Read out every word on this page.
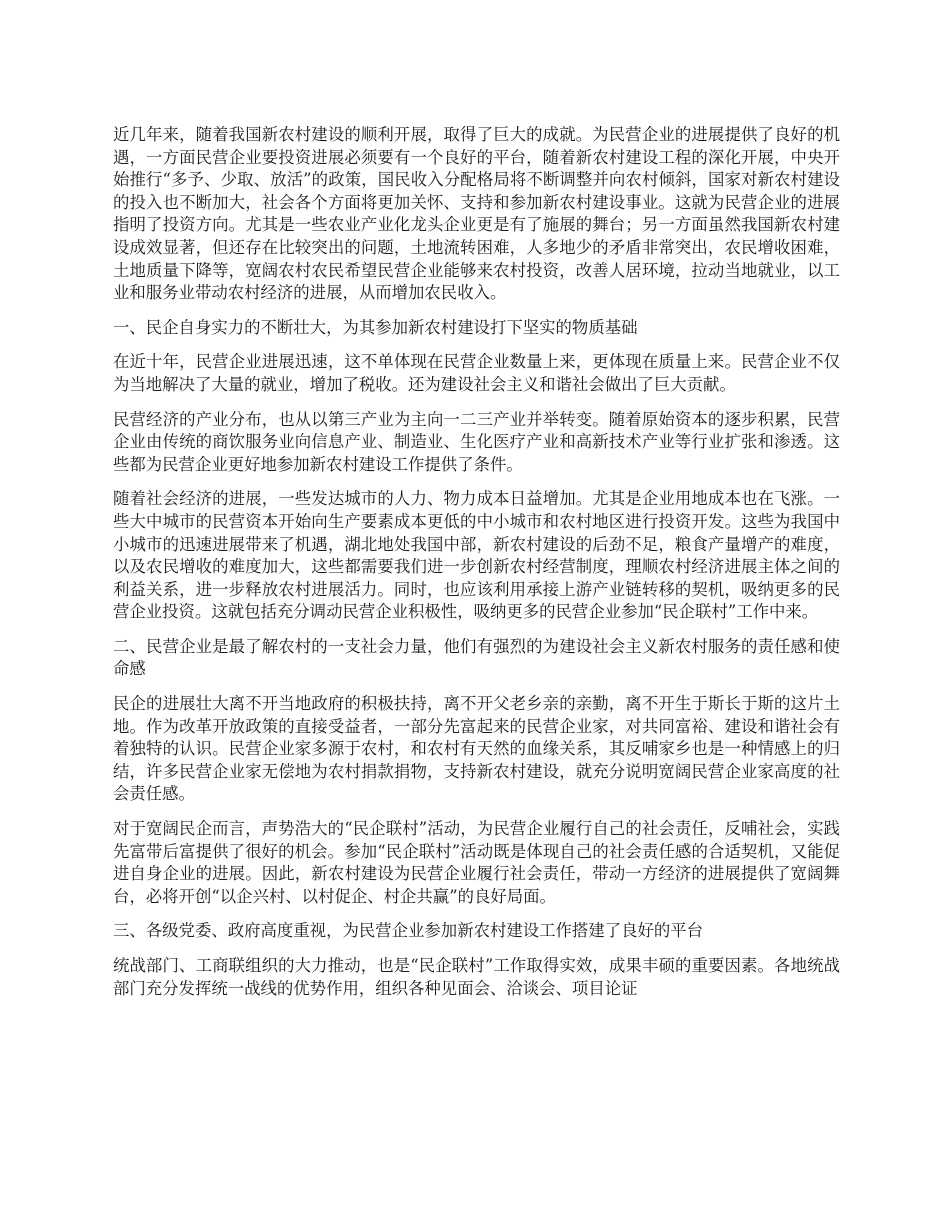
近几年来，随着我国新农村建设的顺利开展，取得了巨大的成就。为民营企业的进展提供了良好的机遇，一方面民营企业要投资进展必须要有一个良好的平台，随着新农村建设工程的深化开展，中央开始推行“多予、少取、放活”的政策，国民收入分配格局将不断调整并向农村倾斜，国家对新农村建设的投入也不断加大，社会各个方面将更加关怀、支持和参加新农村建设事业。这就为民营企业的进展指明了投资方向。尤其是一些农业产业化龙头企业更是有了施展的舞台；另一方面虽然我国新农村建设成效显著，但还存在比较突出的问题，土地流转困难，人多地少的矛盾非常突出，农民增收困难，土地质量下降等，宽阔农村农民希望民营企业能够来农村投资，改善人居环境，拉动当地就业，以工业和服务业带动农村经济的进展，从而增加农民收入。

一、民企自身实力的不断壮大，为其参加新农村建设打下坚实的物质基础

在近十年，民营企业进展迅速，这不单体现在民营企业数量上来，更体现在质量上来。民营企业不仅为当地解决了大量的就业，增加了税收。还为建设社会主义和谐社会做出了巨大贡献。

民营经济的产业分布，也从以第三产业为主向一二三产业并举转变。随着原始资本的逐步积累，民营企业由传统的商饮服务业向信息产业、制造业、生化医疗产业和高新技术产业等行业扩张和渗透。这些都为民营企业更好地参加新农村建设工作提供了条件。

随着社会经济的进展，一些发达城市的人力、物力成本日益增加。尤其是企业用地成本也在飞涨。一些大中城市的民营资本开始向生产要素成本更低的中小城市和农村地区进行投资开发。这些为我国中小城市的迅速进展带来了机遇，湖北地处我国中部，新农村建设的后劲不足，粮食产量增产的难度，以及农民增收的难度加大，这些都需要我们进一步创新农村经营制度，理顺农村经济进展主体之间的利益关系，进一步释放农村进展活力。同时，也应该利用承接上游产业链转移的契机，吸纳更多的民营企业投资。这就包括充分调动民营企业积极性，吸纳更多的民营企业参加“民企联村”工作中来。

二、民营企业是最了解农村的一支社会力量，他们有强烈的为建设社会主义新农村服务的责任感和使命感

民企的进展壮大离不开当地政府的积极扶持，离不开父老乡亲的亲勤，离不开生于斯长于斯的这片土地。作为改革开放政策的直接受益者，一部分先富起来的民营企业家，对共同富裕、建设和谐社会有着独特的认识。民营企业家多源于农村，和农村有天然的血缘关系，其反哺家乡也是一种情感上的归结，许多民营企业家无偿地为农村捐款捐物，支持新农村建设，就充分说明宽阔民营企业家高度的社会责任感。

对于宽阔民企而言，声势浩大的“民企联村”活动，为民营企业履行自己的社会责任，反哺社会，实践先富带后富提供了很好的机会。参加“民企联村”活动既是体现自己的社会责任感的合适契机，又能促进自身企业的进展。因此，新农村建设为民营企业履行社会责任，带动一方经济的进展提供了宽阔舞台，必将开创“以企兴村、以村促企、村企共赢”的良好局面。

三、各级党委、政府高度重视，为民营企业参加新农村建设工作搭建了良好的平台

统战部门、工商联组织的大力推动，也是“民企联村”工作取得实效，成果丰硕的重要因素。各地统战部门充分发挥统一战线的优势作用，组织各种见面会、洽谈会、项目论证
